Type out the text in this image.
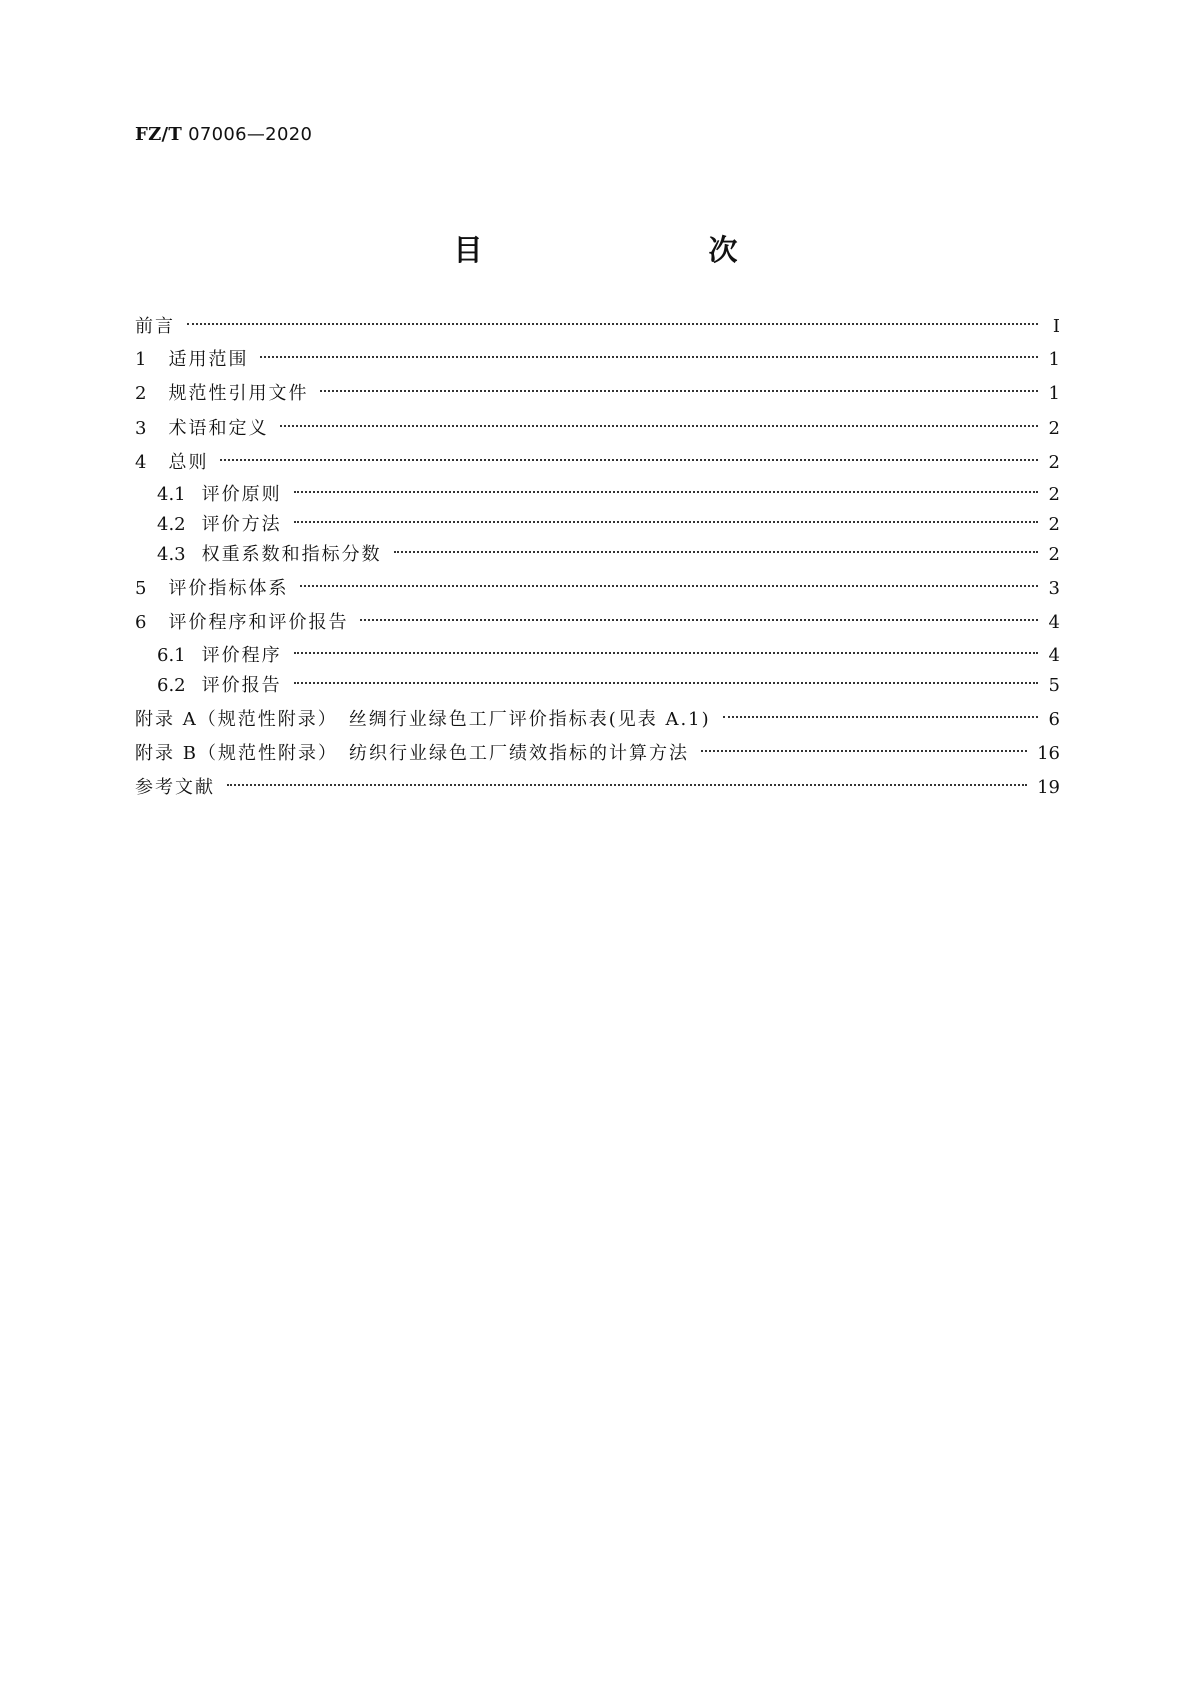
FZ/T 07006—2020
目　　次
前言	Ⅰ
1 适用范围	1
2 规范性引用文件	1
3 术语和定义	2
4 总则	2
4.1 评价原则	2
4.2 评价方法	2
4.3 权重系数和指标分数	2
5 评价指标体系	3
6 评价程序和评价报告	4
6.1 评价程序	4
6.2 评价报告	5
附录 A（规范性附录）　丝绸行业绿色工厂评价指标表(见表 A.1)	6
附录 B（规范性附录）　纺织行业绿色工厂绩效指标的计算方法	16
参考文献	19
